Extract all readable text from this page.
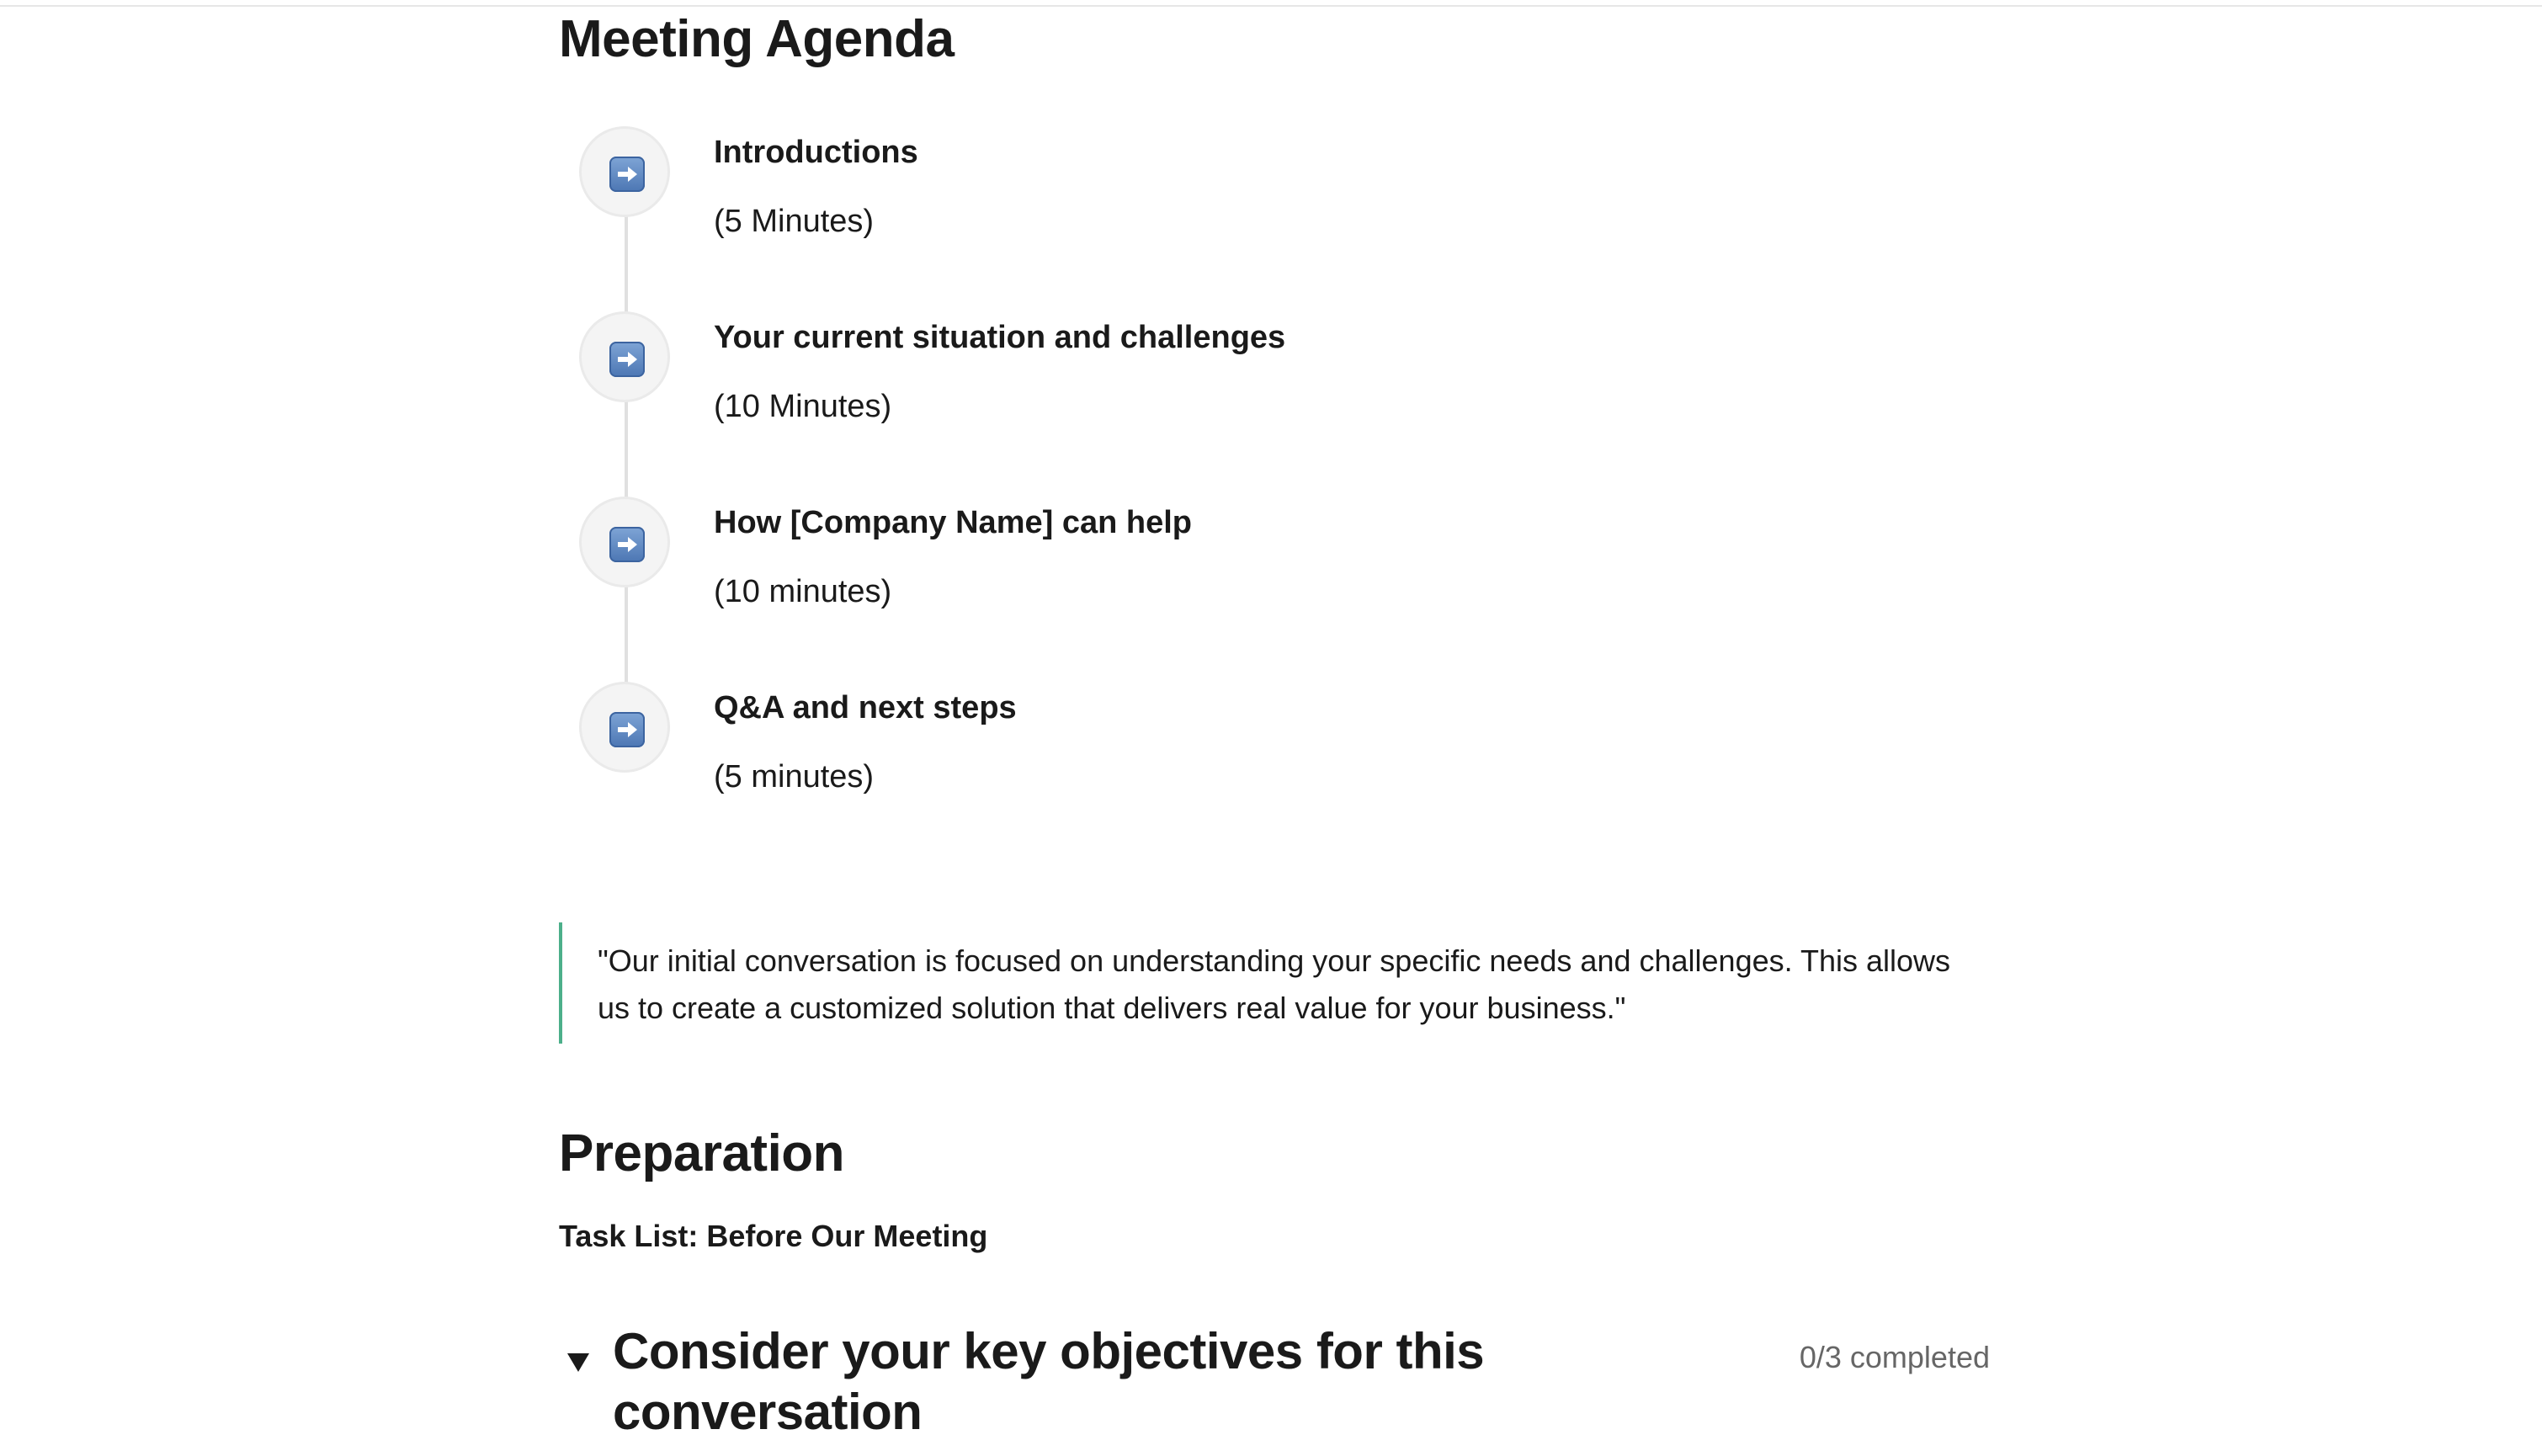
Meeting Agenda
Introductions
(5 Minutes)
Your current situation and challenges
(10 Minutes)
How [Company Name] can help
(10 minutes)
Q&A and next steps
(5 minutes)

"Our initial conversation is focused on understanding your specific needs and challenges. This allows us to create a customized solution that delivers real value for your business."

Preparation
Task List: Before Our Meeting
Consider your key objectives for this conversation
0/3 completed
